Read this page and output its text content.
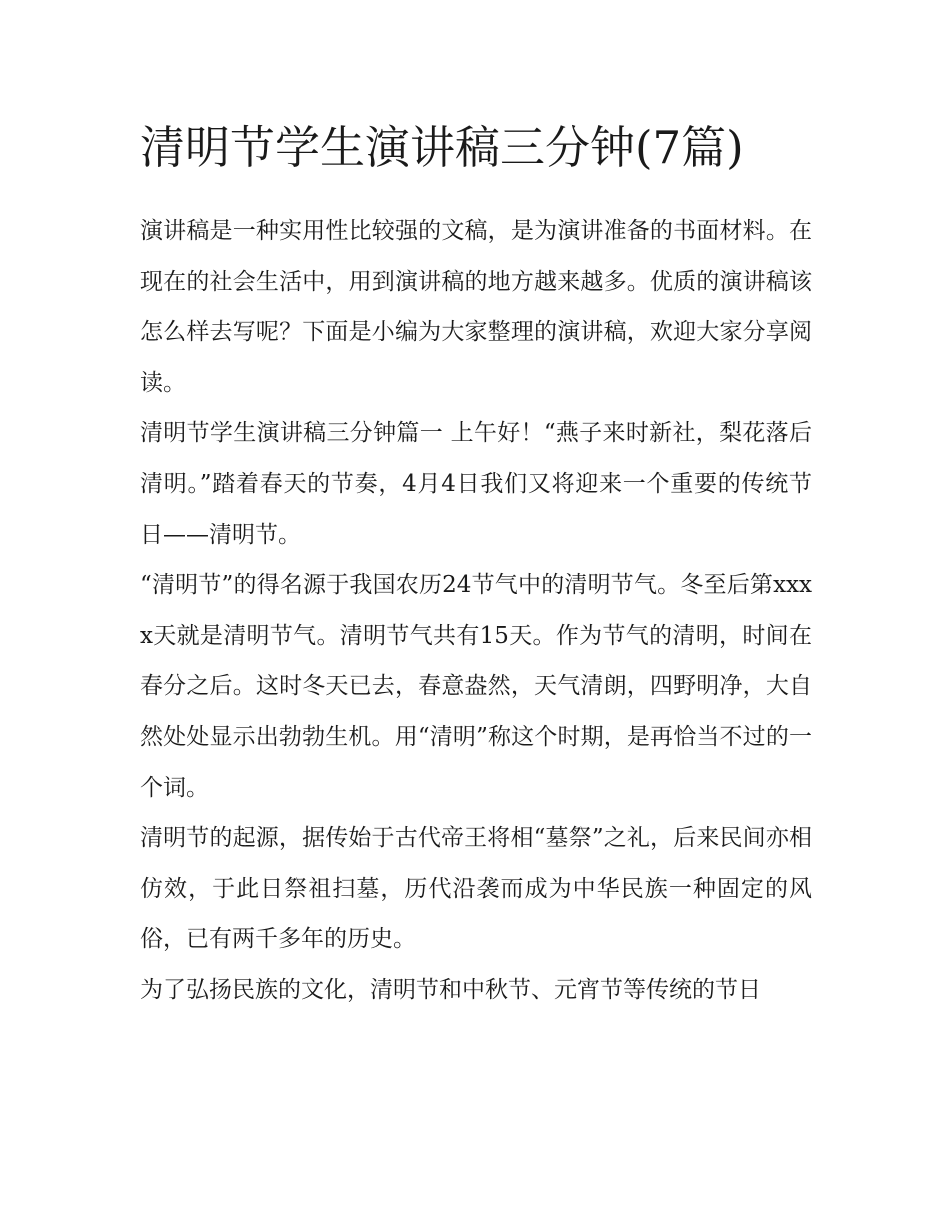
清明节学生演讲稿三分钟(7篇)

演讲稿是一种实用性比较强的文稿，是为演讲准备的书面材料。在现在的社会生活中，用到演讲稿的地方越来越多。优质的演讲稿该怎么样去写呢？下面是小编为大家整理的演讲稿，欢迎大家分享阅读。

清明节学生演讲稿三分钟篇一 上午好！“燕子来时新社，梨花落后清明。”踏着春天的节奏，4月4日我们又将迎来一个重要的传统节日——清明节。

“清明节”的得名源于我国农历24节气中的清明节气。冬至后第xxxx天就是清明节气。清明节气共有15天。作为节气的清明，时间在春分之后。这时冬天已去，春意盎然，天气清朗，四野明净，大自然处处显示出勃勃生机。用“清明”称这个时期，是再恰当不过的一个词。

清明节的起源，据传始于古代帝王将相“墓祭”之礼，后来民间亦相仿效，于此日祭祖扫墓，历代沿袭而成为中华民族一种固定的风俗，已有两千多年的历史。

为了弘扬民族的文化，清明节和中秋节、元宵节等传统的节日
